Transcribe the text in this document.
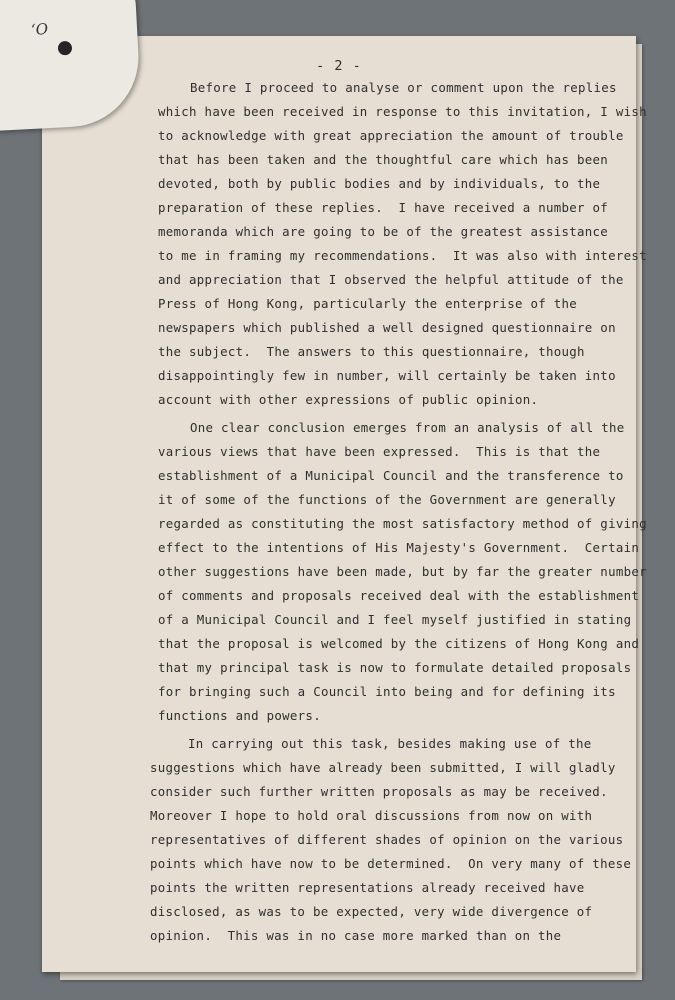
- 2 -
Before I proceed to analyse or comment upon the replies
which have been received in response to this invitation, I wish
to acknowledge with great appreciation the amount of trouble
that has been taken and the thoughtful care which has been
devoted, both by public bodies and by individuals, to the
preparation of these replies.  I have received a number of
memoranda which are going to be of the greatest assistance
to me in framing my recommendations.  It was also with interest
and appreciation that I observed the helpful attitude of the
Press of Hong Kong, particularly the enterprise of the
newspapers which published a well designed questionnaire on
the subject.  The answers to this questionnaire, though
disappointingly few in number, will certainly be taken into
account with other expressions of public opinion.
One clear conclusion emerges from an analysis of all the
various views that have been expressed.  This is that the
establishment of a Municipal Council and the transference to
it of some of the functions of the Government are generally
regarded as constituting the most satisfactory method of giving
effect to the intentions of His Majesty's Government.  Certain
other suggestions have been made, but by far the greater number
of comments and proposals received deal with the establishment
of a Municipal Council and I feel myself justified in stating
that the proposal is welcomed by the citizens of Hong Kong and
that my principal task is now to formulate detailed proposals
for bringing such a Council into being and for defining its
functions and powers.
In carrying out this task, besides making use of the
suggestions which have already been submitted, I will gladly
consider such further written proposals as may be received.
Moreover I hope to hold oral discussions from now on with
representatives of different shades of opinion on the various
points which have now to be determined.  On very many of these
points the written representations already received have
disclosed, as was to be expected, very wide divergence of
opinion.  This was in no case more marked than on the
ʻO
